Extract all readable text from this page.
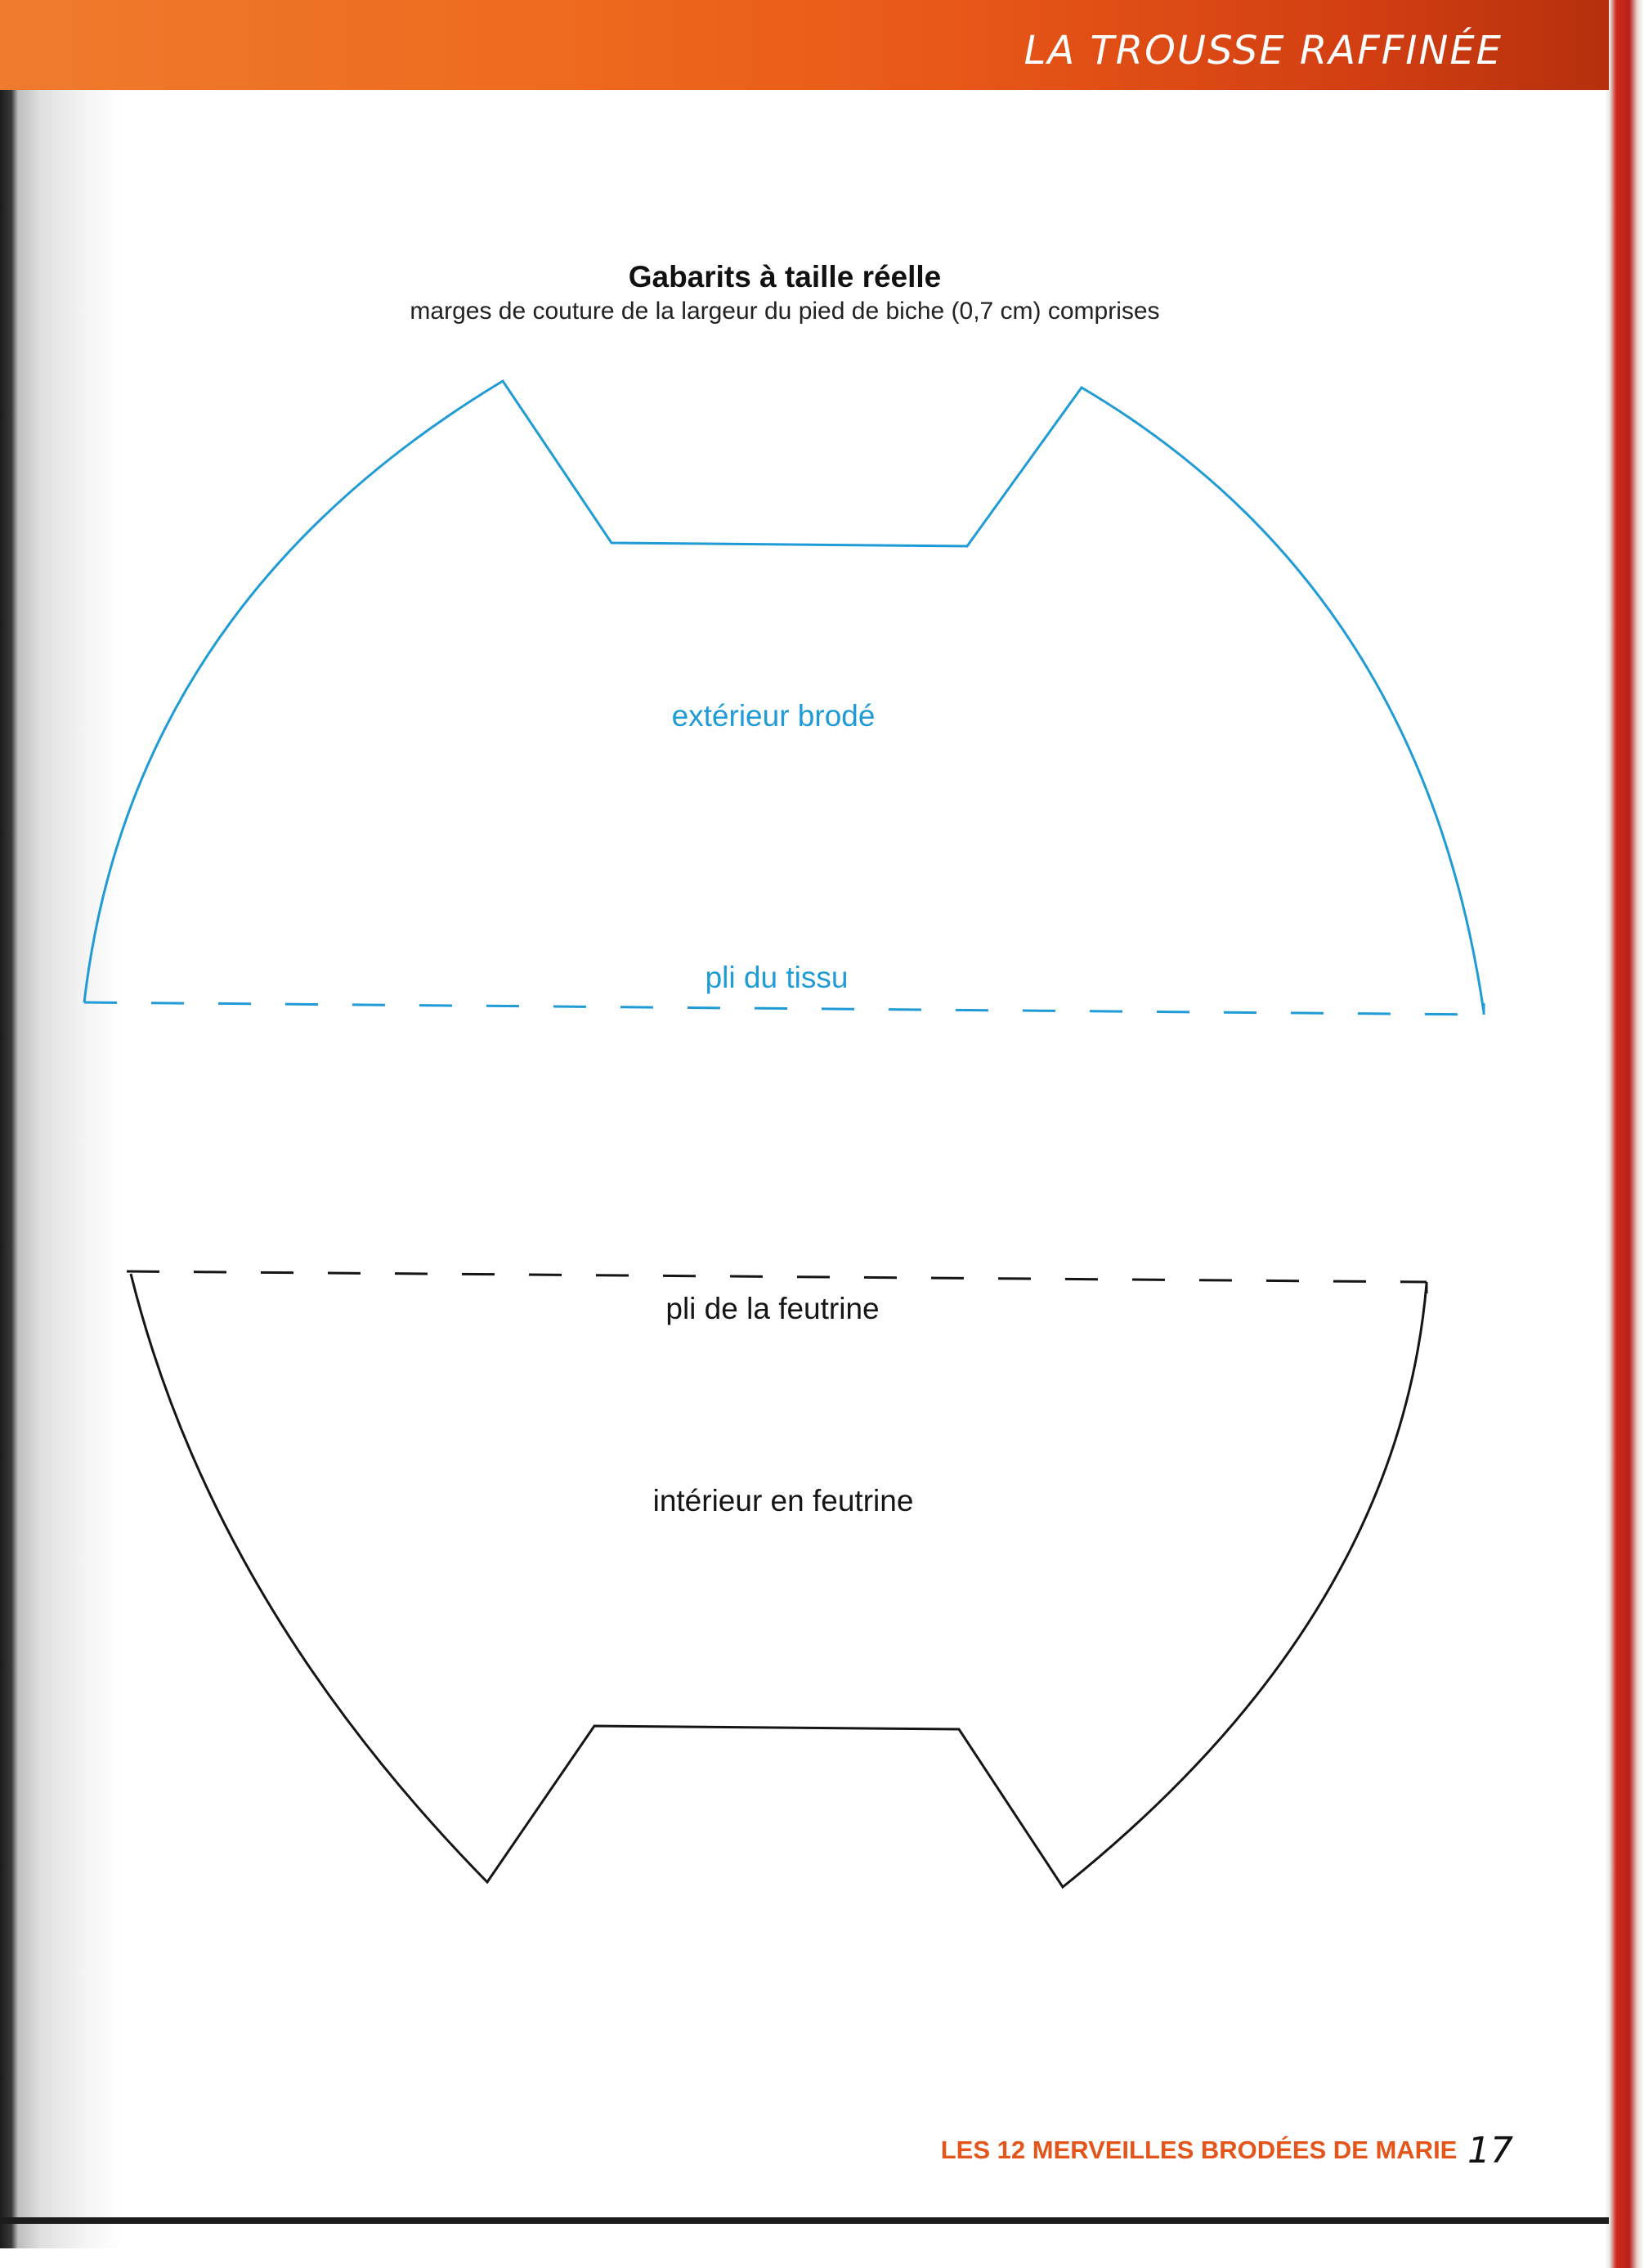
LA TROUSSE RAFFINÉE
Gabarits à taille réelle
marges de couture de la largeur du pied de biche (0,7 cm) comprises
extérieur brodé
pli du tissu
pli de la feutrine
intérieur en feutrine
LES 12 MERVEILLES BRODÉES DE MARIE 17
